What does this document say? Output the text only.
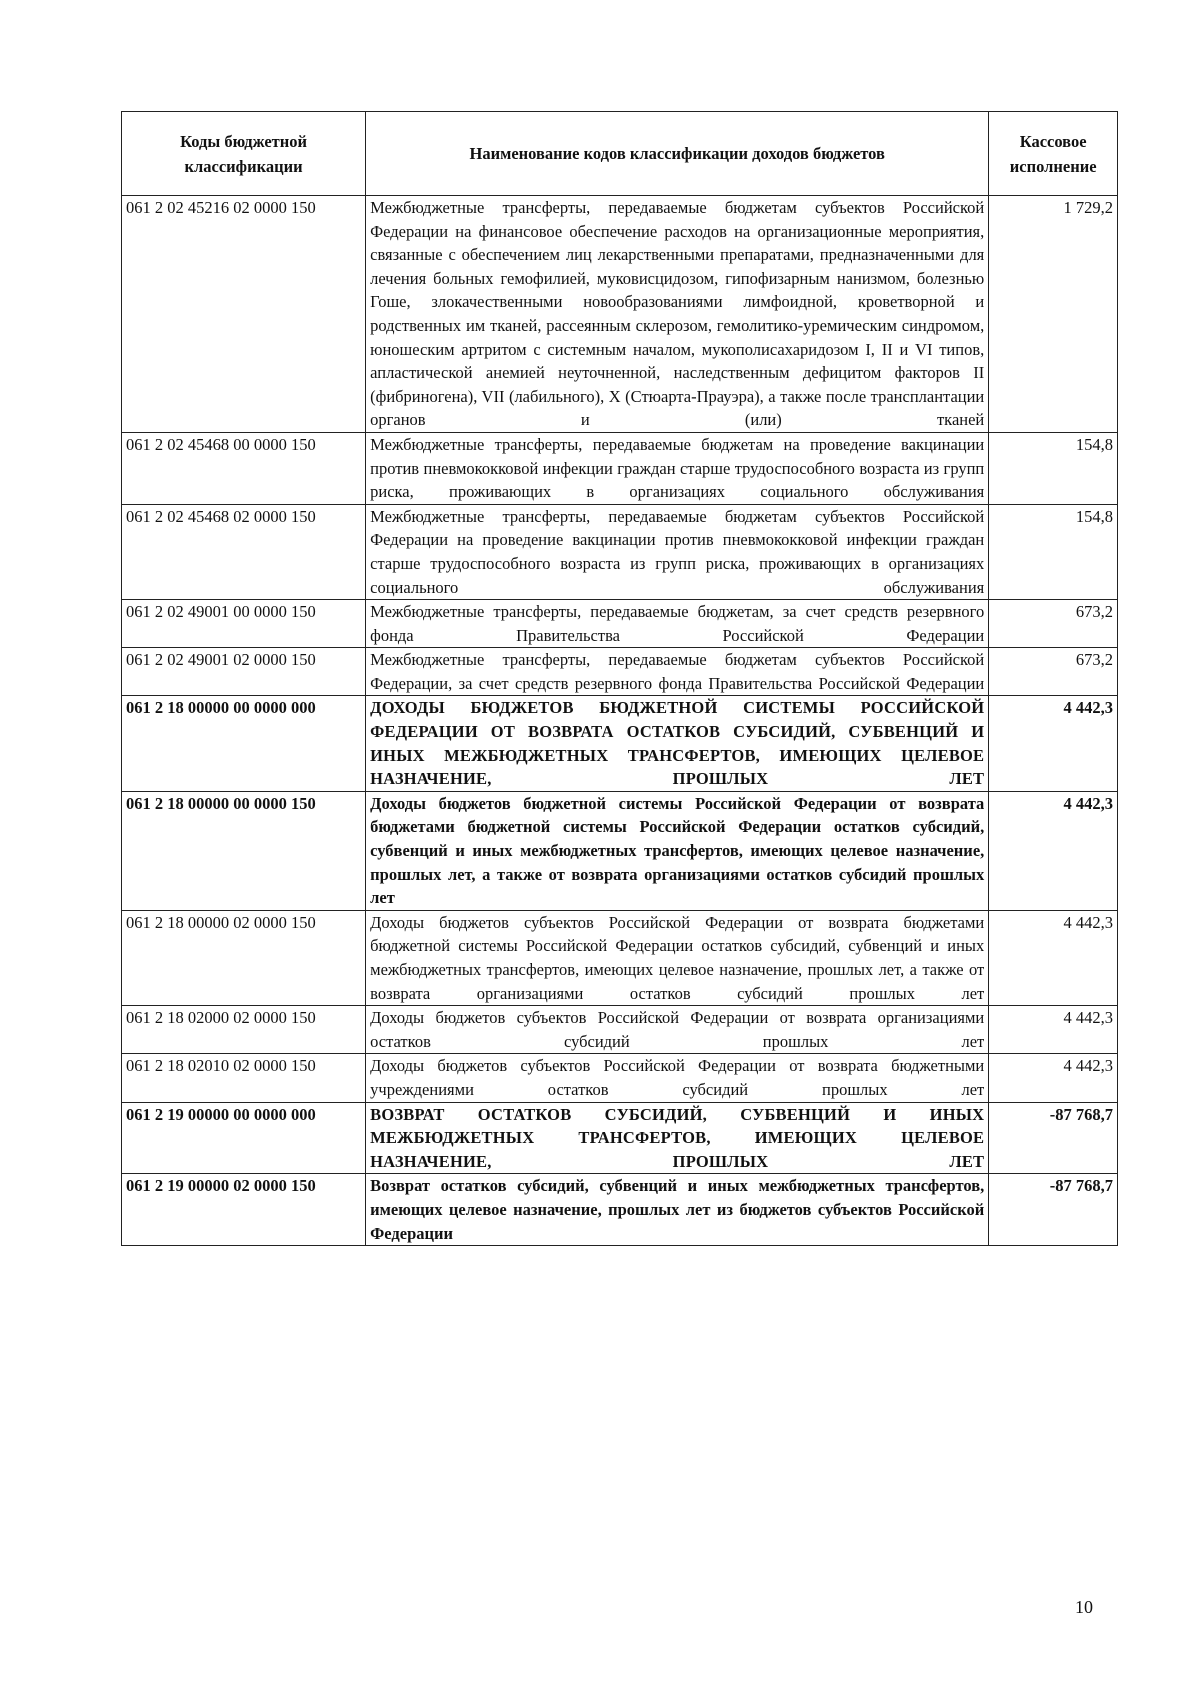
Коды бюджетной классификации	Наименование кодов классификации доходов бюджетов	Кассовое исполнение
061 2 02 45216 02 0000 150	Межбюджетные трансферты, передаваемые бюджетам субъектов Российской Федерации на финансовое обеспечение расходов на организационные мероприятия, связанные с обеспечением лиц лекарственными препаратами, предназначенными для лечения больных гемофилией, муковисцидозом, гипофизарным нанизмом, болезнью Гоше, злокачественными новообразованиями лимфоидной, кроветворной и родственных им тканей, рассеянным склерозом, гемолитико-уремическим синдромом, юношеским артритом с системным началом, мукополисахаридозом I, II и VI типов, апластической анемией неуточненной, наследственным дефицитом факторов II (фибриногена), VII (лабильного), X (Стюарта-Прауэра), а также после трансплантации органов и (или) тканей	1 729,2
061 2 02 45468 00 0000 150	Межбюджетные трансферты, передаваемые бюджетам на проведение вакцинации против пневмококковой инфекции граждан старше трудоспособного возраста из групп риска, проживающих в организациях социального обслуживания	154,8
061 2 02 45468 02 0000 150	Межбюджетные трансферты, передаваемые бюджетам субъектов Российской Федерации на проведение вакцинации против пневмококковой инфекции граждан старше трудоспособного возраста из групп риска, проживающих в организациях социального обслуживания	154,8
061 2 02 49001 00 0000 150	Межбюджетные трансферты, передаваемые бюджетам, за счет средств резервного фонда Правительства Российской Федерации	673,2
061 2 02 49001 02 0000 150	Межбюджетные трансферты, передаваемые бюджетам субъектов Российской Федерации, за счет средств резервного фонда Правительства Российской Федерации	673,2
061 2 18 00000 00 0000 000	ДОХОДЫ БЮДЖЕТОВ БЮДЖЕТНОЙ СИСТЕМЫ РОССИЙСКОЙ ФЕДЕРАЦИИ ОТ ВОЗВРАТА ОСТАТКОВ СУБСИДИЙ, СУБВЕНЦИЙ И ИНЫХ МЕЖБЮДЖЕТНЫХ ТРАНСФЕРТОВ, ИМЕЮЩИХ ЦЕЛЕВОЕ НАЗНАЧЕНИЕ, ПРОШЛЫХ ЛЕТ	4 442,3
061 2 18 00000 00 0000 150	Доходы бюджетов бюджетной системы Российской Федерации от возврата бюджетами бюджетной системы Российской Федерации остатков субсидий, субвенций и иных межбюджетных трансфертов, имеющих целевое назначение, прошлых лет, а также от возврата организациями остатков субсидий прошлых лет	4 442,3
061 2 18 00000 02 0000 150	Доходы бюджетов субъектов Российской Федерации от возврата бюджетами бюджетной системы Российской Федерации остатков субсидий, субвенций и иных межбюджетных трансфертов, имеющих целевое назначение, прошлых лет, а также от возврата организациями остатков субсидий прошлых лет	4 442,3
061 2 18 02000 02 0000 150	Доходы бюджетов субъектов Российской Федерации от возврата организациями остатков субсидий прошлых лет	4 442,3
061 2 18 02010 02 0000 150	Доходы бюджетов субъектов Российской Федерации от возврата бюджетными учреждениями остатков субсидий прошлых лет	4 442,3
061 2 19 00000 00 0000 000	ВОЗВРАТ ОСТАТКОВ СУБСИДИЙ, СУБВЕНЦИЙ И ИНЫХ МЕЖБЮДЖЕТНЫХ ТРАНСФЕРТОВ, ИМЕЮЩИХ ЦЕЛЕВОЕ НАЗНАЧЕНИЕ, ПРОШЛЫХ ЛЕТ	-87 768,7
061 2 19 00000 02 0000 150	Возврат остатков субсидий, субвенций и иных межбюджетных трансфертов, имеющих целевое назначение, прошлых лет из бюджетов субъектов Российской Федерации	-87 768,7
10
